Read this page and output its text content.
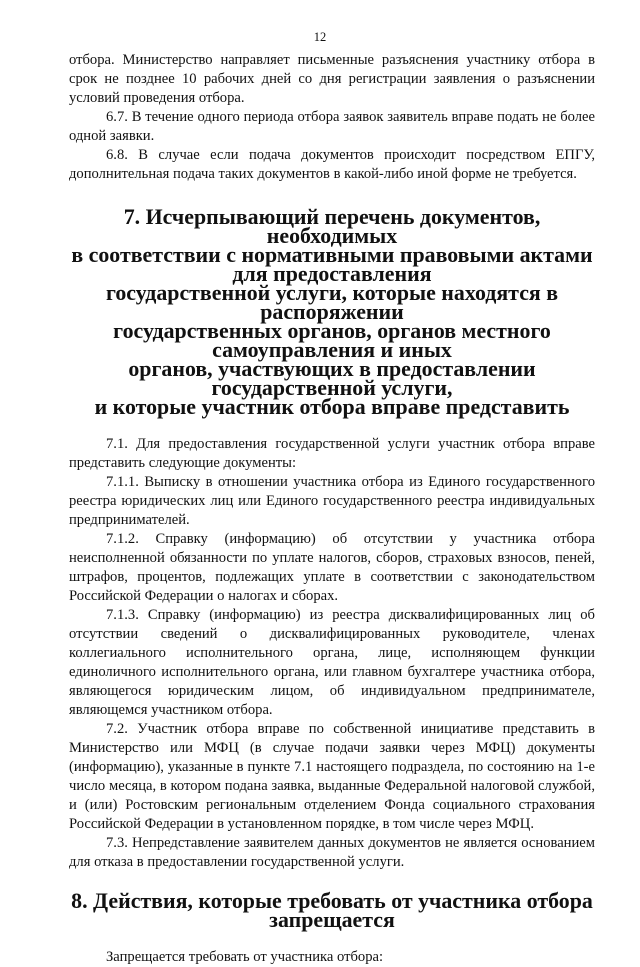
12

отбора. Министерство направляет письменные разъяснения участнику отбора в срок не позднее 10 рабочих дней со дня регистрации заявления о разъяснении условий проведения отбора.

6.7. В течение одного периода отбора заявок заявитель вправе подать не более одной заявки.

6.8. В случае если подача документов происходит посредством ЕПГУ, дополнительная подача таких документов в какой-либо иной форме не требуется.

7. Исчерпывающий перечень документов, необходимых
в соответствии с нормативными правовыми актами для предоставления
государственной услуги, которые находятся в распоряжении
государственных органов, органов местного самоуправления и иных
органов, участвующих в предоставлении государственной услуги,
и которые участник отбора вправе представить

7.1. Для предоставления государственной услуги участник отбора вправе представить следующие документы:

7.1.1. Выписку в отношении участника отбора из Единого государственного реестра юридических лиц или Единого государственного реестра индивидуальных предпринимателей.

7.1.2. Справку (информацию) об отсутствии у участника отбора неисполненной обязанности по уплате налогов, сборов, страховых взносов, пеней, штрафов, процентов, подлежащих уплате в соответствии с законодательством Российской Федерации о налогах и сборах.

7.1.3. Справку (информацию) из реестра дисквалифицированных лиц об отсутствии сведений о дисквалифицированных руководителе, членах коллегиального исполнительного органа, лице, исполняющем функции единоличного исполнительного органа, или главном бухгалтере участника отбора, являющегося юридическим лицом, об индивидуальном предпринимателе, являющемся участником отбора.

7.2. Участник отбора вправе по собственной инициативе представить в Министерство или МФЦ (в случае подачи заявки через МФЦ) документы (информацию), указанные в пункте 7.1 настоящего подраздела, по состоянию на 1-е число месяца, в котором подана заявка, выданные Федеральной налоговой службой, и (или) Ростовским региональным отделением Фонда социального страхования Российской Федерации в установленном порядке, в том числе через МФЦ.

7.3. Непредставление заявителем данных документов не является основанием для отказа в предоставлении государственной услуги.

8. Действия, которые требовать от участника отбора запрещается

Запрещается требовать от участника отбора:
